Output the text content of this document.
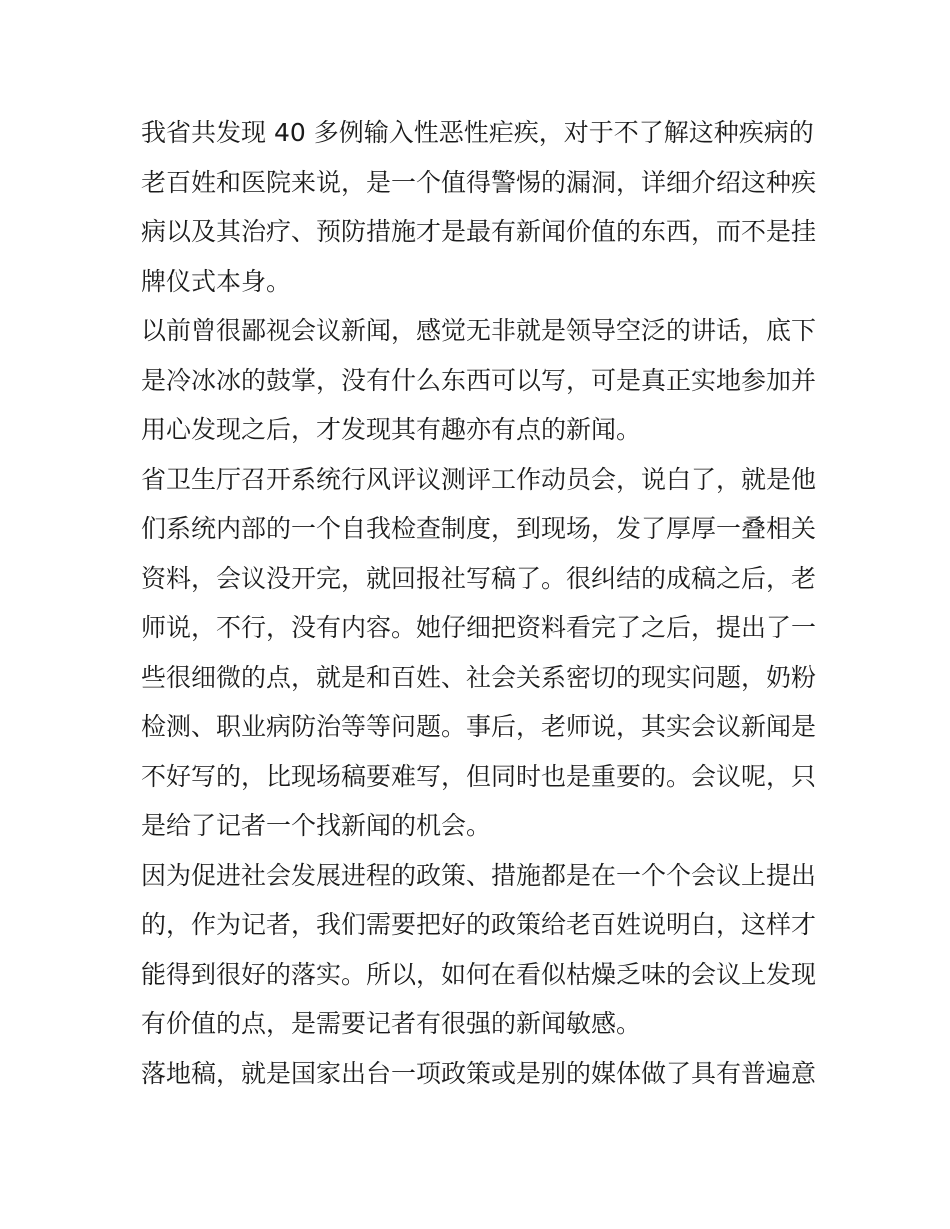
我省共发现 40 多例输入性恶性疟疾，对于不了解这种疾病的
老百姓和医院来说，是一个值得警惕的漏洞，详细介绍这种疾
病以及其治疗、预防措施才是最有新闻价值的东西，而不是挂
牌仪式本身。
以前曾很鄙视会议新闻，感觉无非就是领导空泛的讲话，底下
是冷冰冰的鼓掌，没有什么东西可以写，可是真正实地参加并
用心发现之后，才发现其有趣亦有点的新闻。
省卫生厅召开系统行风评议测评工作动员会，说白了，就是他
们系统内部的一个自我检查制度，到现场，发了厚厚一叠相关
资料，会议没开完，就回报社写稿了。很纠结的成稿之后，老
师说，不行，没有内容。她仔细把资料看完了之后，提出了一
些很细微的点，就是和百姓、社会关系密切的现实问题，奶粉
检测、职业病防治等等问题。事后，老师说，其实会议新闻是
不好写的，比现场稿要难写，但同时也是重要的。会议呢，只
是给了记者一个找新闻的机会。
因为促进社会发展进程的政策、措施都是在一个个会议上提出
的，作为记者，我们需要把好的政策给老百姓说明白，这样才
能得到很好的落实。所以，如何在看似枯燥乏味的会议上发现
有价值的点，是需要记者有很强的新闻敏感。
落地稿，就是国家出台一项政策或是别的媒体做了具有普遍意
